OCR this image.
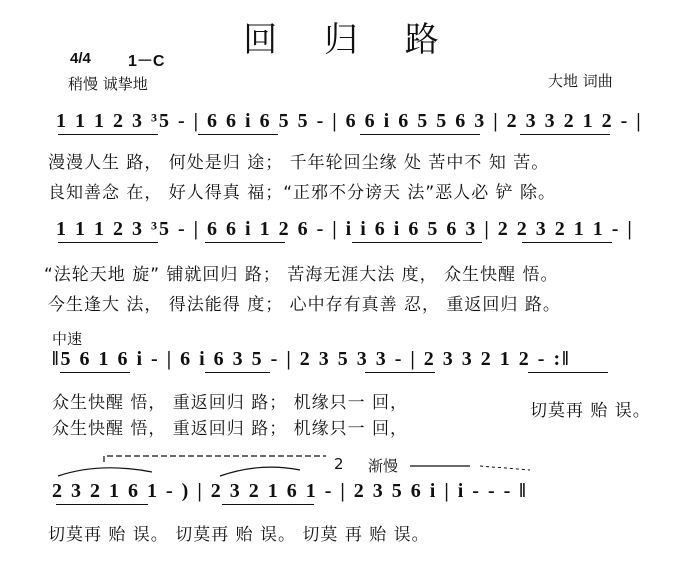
回 归 路
4/4 1－C
稍慢 诚挚地	大地 词曲
1 1 1 2 3 ³5 - | 6 6 i 6 5 5 - | 6 6 i 6 5 5 6 3 | 2 3 3 2 1 2 - |
漫漫人生 路， 何处是归 途； 千年轮回尘缘 处 苦中不 知 苦。
良知善念 在， 好人得真 福；“正邪不分谤天 法”恶人必 铲 除。
1 1 1 2 3 ³5 - | 6 6 i 1 2 6 - | i i 6 i 6 5 6 3 | 2 2 3 2 1 1 - |
“法轮天地 旋” 铺就回归 路； 苦海无涯大法 度， 众生快醒 悟。
今生逢大 法， 得法能得 度； 心中存有真善 忍， 重返回归 路。
中速
‖5 6 1 6 i - | 6 i 6 3 5 - | 2 3 5 3 3 - | 2 3 3 2 1 2 - :‖
众生快醒 悟， 重返回归 路； 机缘只一 回，
众生快醒 悟， 重返回归 路； 机缘只一 回，
切莫再 贻 误。
2 渐慢
2 3 2 1 6 1 - ) | 2 3 2 1 6 1 - | 2 3 5 6 i | i - - - ‖
切莫再 贻 误。 切莫再 贻 误。 切莫 再 贻 误。
